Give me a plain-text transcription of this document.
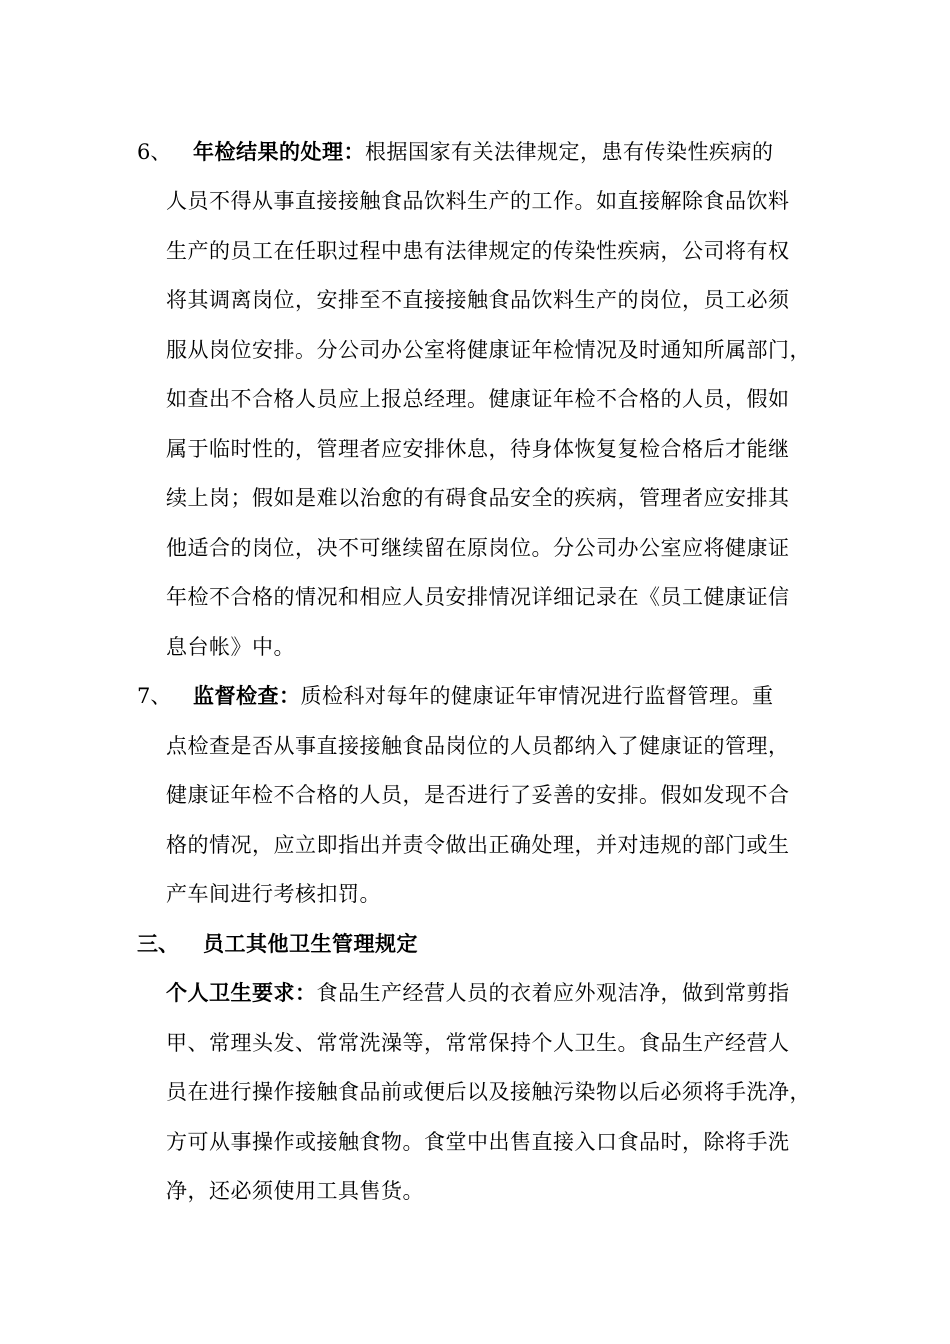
6、 年检结果的处理：根据国家有关法律规定，患有传染性疾病的
人员不得从事直接接触食品饮料生产的工作。如直接解除食品饮料
生产的员工在任职过程中患有法律规定的传染性疾病，公司将有权
将其调离岗位，安排至不直接接触食品饮料生产的岗位，员工必须
服从岗位安排。分公司办公室将健康证年检情况及时通知所属部门，
如查出不合格人员应上报总经理。健康证年检不合格的人员，假如
属于临时性的，管理者应安排休息，待身体恢复复检合格后才能继
续上岗；假如是难以治愈的有碍食品安全的疾病，管理者应安排其
他适合的岗位，决不可继续留在原岗位。分公司办公室应将健康证
年检不合格的情况和相应人员安排情况详细记录在《员工健康证信
息台帐》中。
7、 监督检查：质检科对每年的健康证年审情况进行监督管理。重
点检查是否从事直接接触食品岗位的人员都纳入了健康证的管理，
健康证年检不合格的人员，是否进行了妥善的安排。假如发现不合
格的情况，应立即指出并责令做出正确处理，并对违规的部门或生
产车间进行考核扣罚。
三、 员工其他卫生管理规定
个人卫生要求：食品生产经营人员的衣着应外观洁净，做到常剪指
甲、常理头发、常常洗澡等，常常保持个人卫生。食品生产经营人
员在进行操作接触食品前或便后以及接触污染物以后必须将手洗净，
方可从事操作或接触食物。食堂中出售直接入口食品时，除将手洗
净，还必须使用工具售货。
